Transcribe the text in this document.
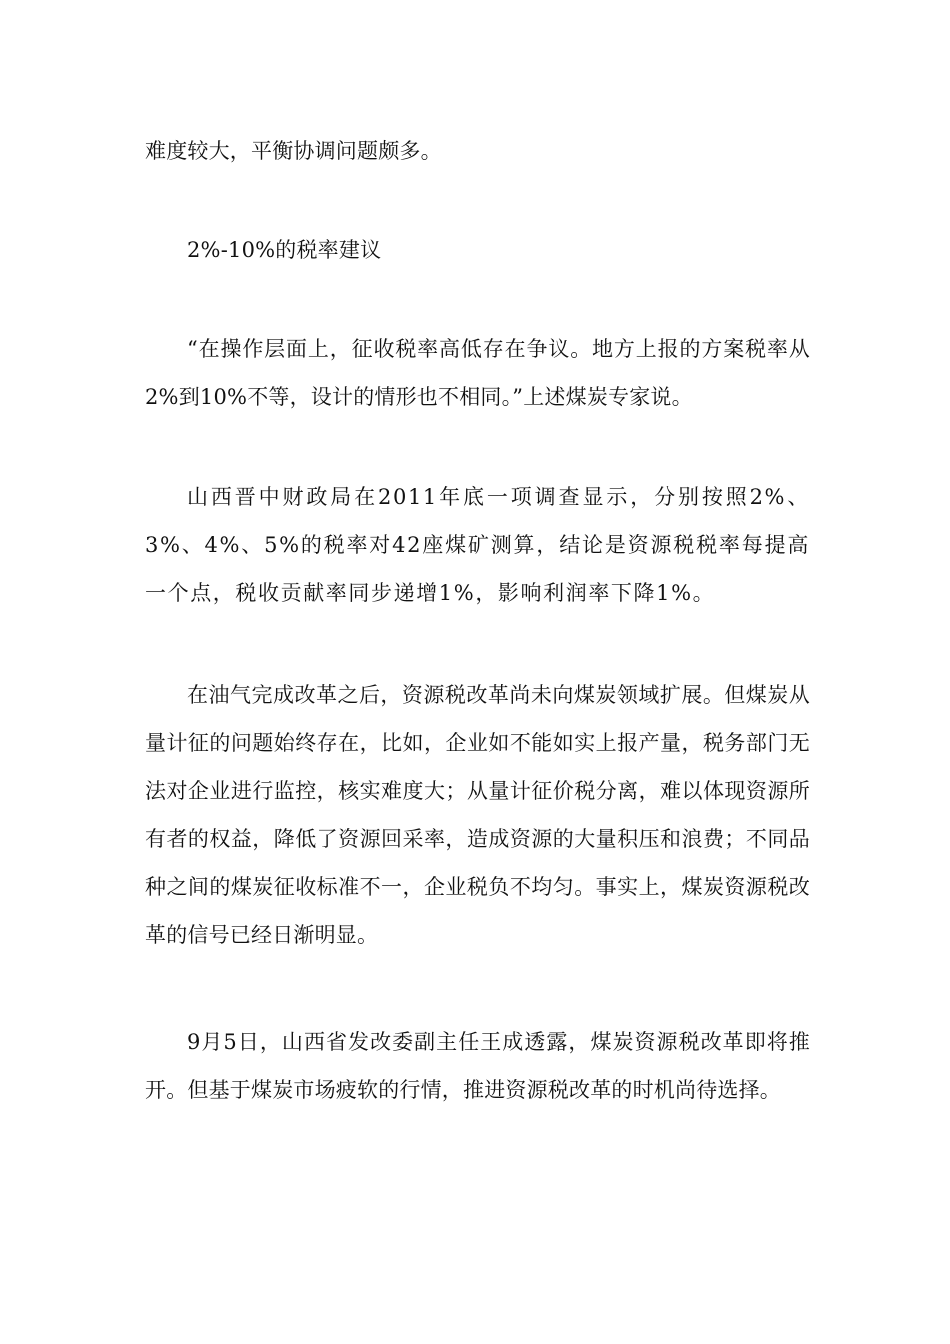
难度较大，平衡协调问题颇多。

2%-10%的税率建议

“在操作层面上，征收税率高低存在争议。地方上报的方案税率从2%到10%不等，设计的情形也不相同。”上述煤炭专家说。

山西晋中财政局在2011年底一项调查显示，分别按照2%、3%、4%、5%的税率对42座煤矿测算，结论是资源税税率每提高一个点，税收贡献率同步递增1%，影响利润率下降1%。

在油气完成改革之后，资源税改革尚未向煤炭领域扩展。但煤炭从量计征的问题始终存在，比如，企业如不能如实上报产量，税务部门无法对企业进行监控，核实难度大；从量计征价税分离，难以体现资源所有者的权益，降低了资源回采率，造成资源的大量积压和浪费；不同品种之间的煤炭征收标准不一，企业税负不均匀。事实上，煤炭资源税改革的信号已经日渐明显。

9月5日，山西省发改委副主任王成透露，煤炭资源税改革即将推开。但基于煤炭市场疲软的行情，推进资源税改革的时机尚待选择。
